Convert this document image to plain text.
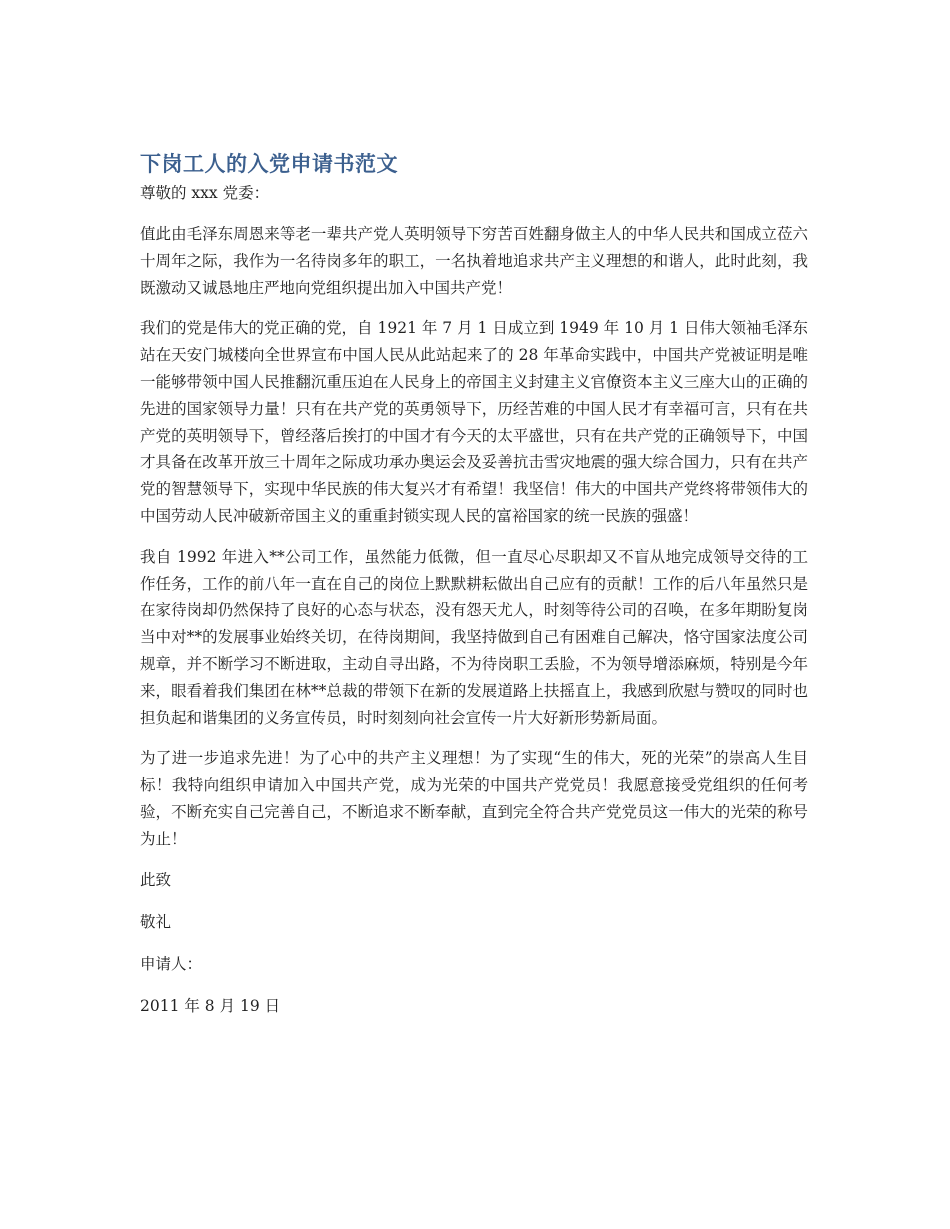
下岗工人的入党申请书范文

尊敬的 xxx 党委：

值此由毛泽东周恩来等老一辈共产党人英明领导下穷苦百姓翻身做主人的中华人民共和国成立莅六十周年之际，我作为一名待岗多年的职工，一名执着地追求共产主义理想的和谐人，此时此刻，我既激动又诚恳地庄严地向党组织提出加入中国共产党！

我们的党是伟大的党正确的党，自 1921 年 7 月 1 日成立到 1949 年 10 月 1 日伟大领袖毛泽东站在天安门城楼向全世界宣布中国人民从此站起来了的 28 年革命实践中，中国共产党被证明是唯一能够带领中国人民推翻沉重压迫在人民身上的帝国主义封建主义官僚资本主义三座大山的正确的先进的国家领导力量！只有在共产党的英勇领导下，历经苦难的中国人民才有幸福可言，只有在共产党的英明领导下，曾经落后挨打的中国才有今天的太平盛世，只有在共产党的正确领导下，中国才具备在改革开放三十周年之际成功承办奥运会及妥善抗击雪灾地震的强大综合国力，只有在共产党的智慧领导下，实现中华民族的伟大复兴才有希望！我坚信！伟大的中国共产党终将带领伟大的中国劳动人民冲破新帝国主义的重重封锁实现人民的富裕国家的统一民族的强盛！

我自 1992 年进入**公司工作，虽然能力低微，但一直尽心尽职却又不盲从地完成领导交待的工作任务，工作的前八年一直在自己的岗位上默默耕耘做出自己应有的贡献！工作的后八年虽然只是在家待岗却仍然保持了良好的心态与状态，没有怨天尤人，时刻等待公司的召唤，在多年期盼复岗当中对**的发展事业始终关切，在待岗期间，我坚持做到自己有困难自己解决，恪守国家法度公司规章，并不断学习不断进取，主动自寻出路，不为待岗职工丢脸，不为领导增添麻烦，特别是今年来，眼看着我们集团在林**总裁的带领下在新的发展道路上扶摇直上，我感到欣慰与赞叹的同时也担负起和谐集团的义务宣传员，时时刻刻向社会宣传一片大好新形势新局面。

为了进一步追求先进！为了心中的共产主义理想！为了实现“生的伟大，死的光荣”的崇高人生目标！我特向组织申请加入中国共产党，成为光荣的中国共产党党员！我愿意接受党组织的任何考验，不断充实自己完善自己，不断追求不断奉献，直到完全符合共产党党员这一伟大的光荣的称号为止！

此致

敬礼

申请人：

2011 年 8 月 19 日
